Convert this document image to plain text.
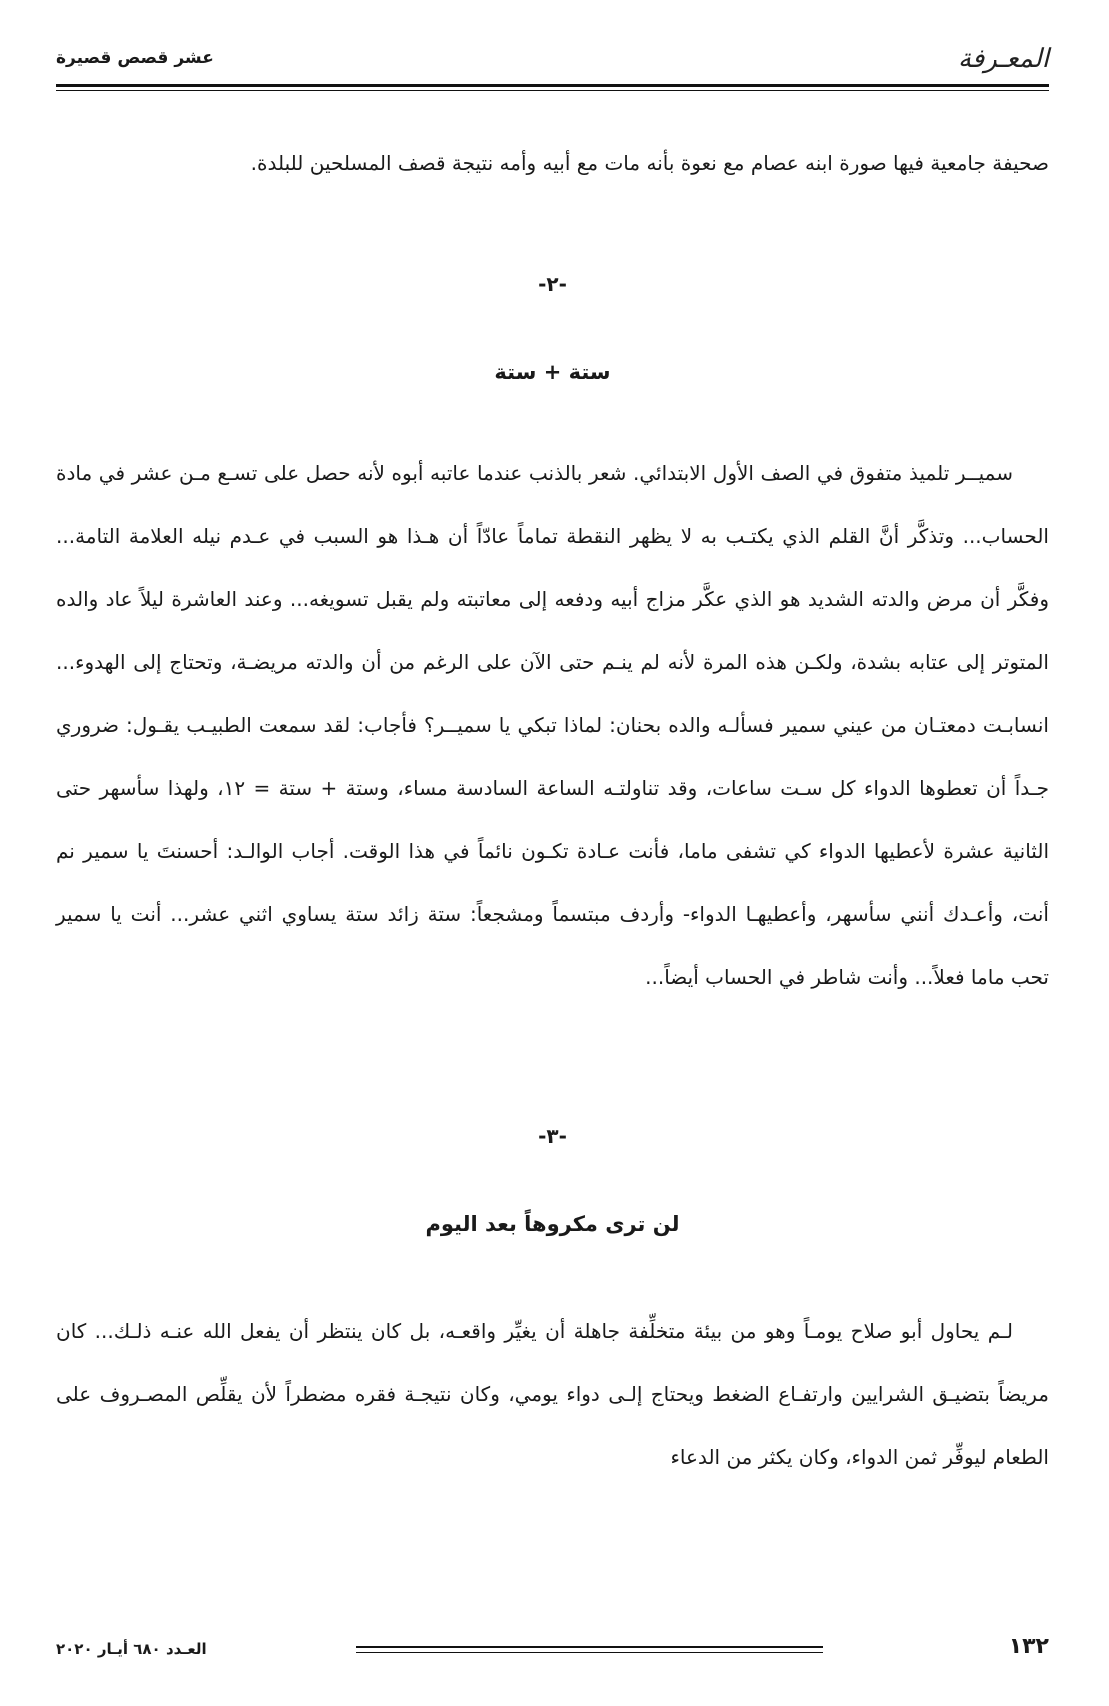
المعـرفة
عشر قصص قصيرة

صحيفة جامعية فيها صورة ابنه عصام مع نعوة بأنه مات مع أبيه وأمه نتيجة قصف المسلحين للبلدة.

-٢-

ستة + ستة

سميــر تلميذ متفوق في الصف الأول الابتدائي. شعر بالذنب عندما عاتبه أبوه لأنه حصل على تسـع مـن عشر في مادة الحساب... وتذكَّر أنَّ القلم الذي يكتـب به لا يظهر النقطة تماماً عادّاً أن هـذا هو السبب في عـدم نيله العلامة التامة... وفكَّر أن مرض والدته الشديد هو الذي عكَّر مزاج أبيه ودفعه إلى معاتبته ولم يقبل تسويغه... وعند العاشرة ليلاً عاد والده المتوتر إلى عتابه بشدة، ولكـن هذه المرة لأنه لم ينـم حتى الآن على الرغم من أن والدته مريضـة، وتحتاج إلى الهدوء... انسابـت دمعتـان من عيني سمير فسألـه والده بحنان: لماذا تبكي يا سميــر؟ فأجاب: لقد سمعت الطبيـب يقـول: ضروري جـداً أن تعطوها الدواء كل سـت ساعات، وقد تناولتـه الساعة السادسة مساء، وستة + ستة = ١٢، ولهذا سأسهر حتى الثانية عشرة لأعطيها الدواء كي تشفى ماما، فأنت عـادة تكـون نائماً في هذا الوقت. أجاب الوالـد: أحسنتَ يا سمير نم أنت، وأعـدك أنني سأسهر، وأعطيهـا الدواء- وأردف مبتسماً ومشجعاً: ستة زائد ستة يساوي اثني عشر... أنت يا سمير تحب ماما فعلاً... وأنت شاطر في الحساب أيضاً...

-٣-

لن ترى مكروهاً بعد اليوم

لـم يحاول أبو صلاح يومـاً وهو من بيئة متخلِّفة جاهلة أن يغيِّر واقعـه، بل كان ينتظر أن يفعل الله عنـه ذلـك... كان مريضاً بتضيـق الشرايين وارتفـاع الضغط ويحتاج إلـى دواء يومي، وكان نتيجـة فقره مضطراً لأن يقلِّص المصـروف على الطعام ليوفِّر ثمن الدواء، وكان يكثر من الدعاء

١٣٢
العـدد ٦٨٠ أيـار ٢٠٢٠
